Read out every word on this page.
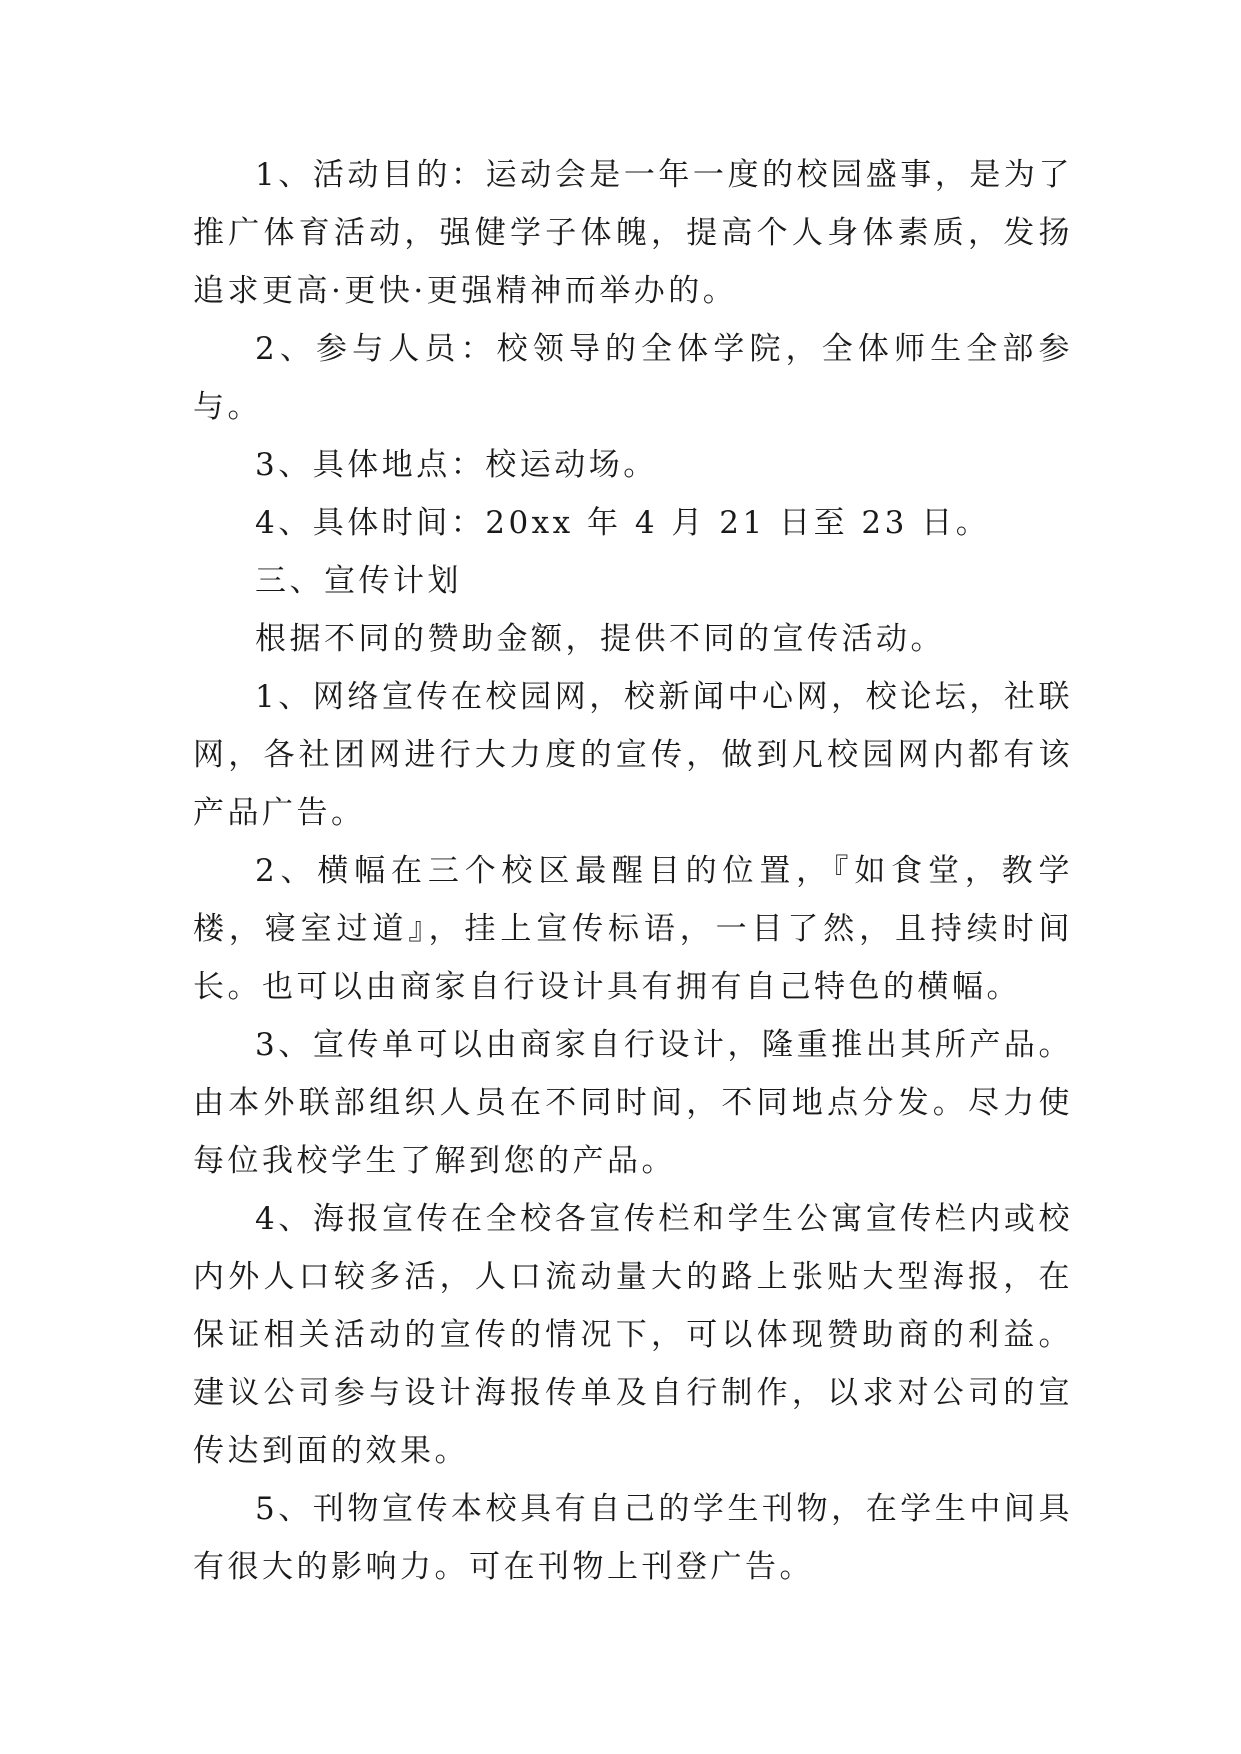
1、活动目的：运动会是一年一度的校园盛事，是为了推广体育活动，强健学子体魄，提高个人身体素质，发扬追求更高·更快·更强精神而举办的。

2、参与人员：校领导的全体学院，全体师生全部参与。

3、具体地点：校运动场。

4、具体时间：20xx 年 4 月 21 日至 23 日。

三、宣传计划

根据不同的赞助金额，提供不同的宣传活动。

1、网络宣传在校园网，校新闻中心网，校论坛，社联网，各社团网进行大力度的宣传，做到凡校园网内都有该产品广告。

2、横幅在三个校区最醒目的位置，『如食堂，教学楼，寝室过道』，挂上宣传标语，一目了然，且持续时间长。也可以由商家自行设计具有拥有自己特色的横幅。

3、宣传单可以由商家自行设计，隆重推出其所产品。由本外联部组织人员在不同时间，不同地点分发。尽力使每位我校学生了解到您的产品。

4、海报宣传在全校各宣传栏和学生公寓宣传栏内或校内外人口较多活，人口流动量大的路上张贴大型海报，在保证相关活动的宣传的情况下，可以体现赞助商的利益。建议公司参与设计海报传单及自行制作，以求对公司的宣传达到面的效果。

5、刊物宣传本校具有自己的学生刊物，在学生中间具有很大的影响力。可在刊物上刊登广告。
